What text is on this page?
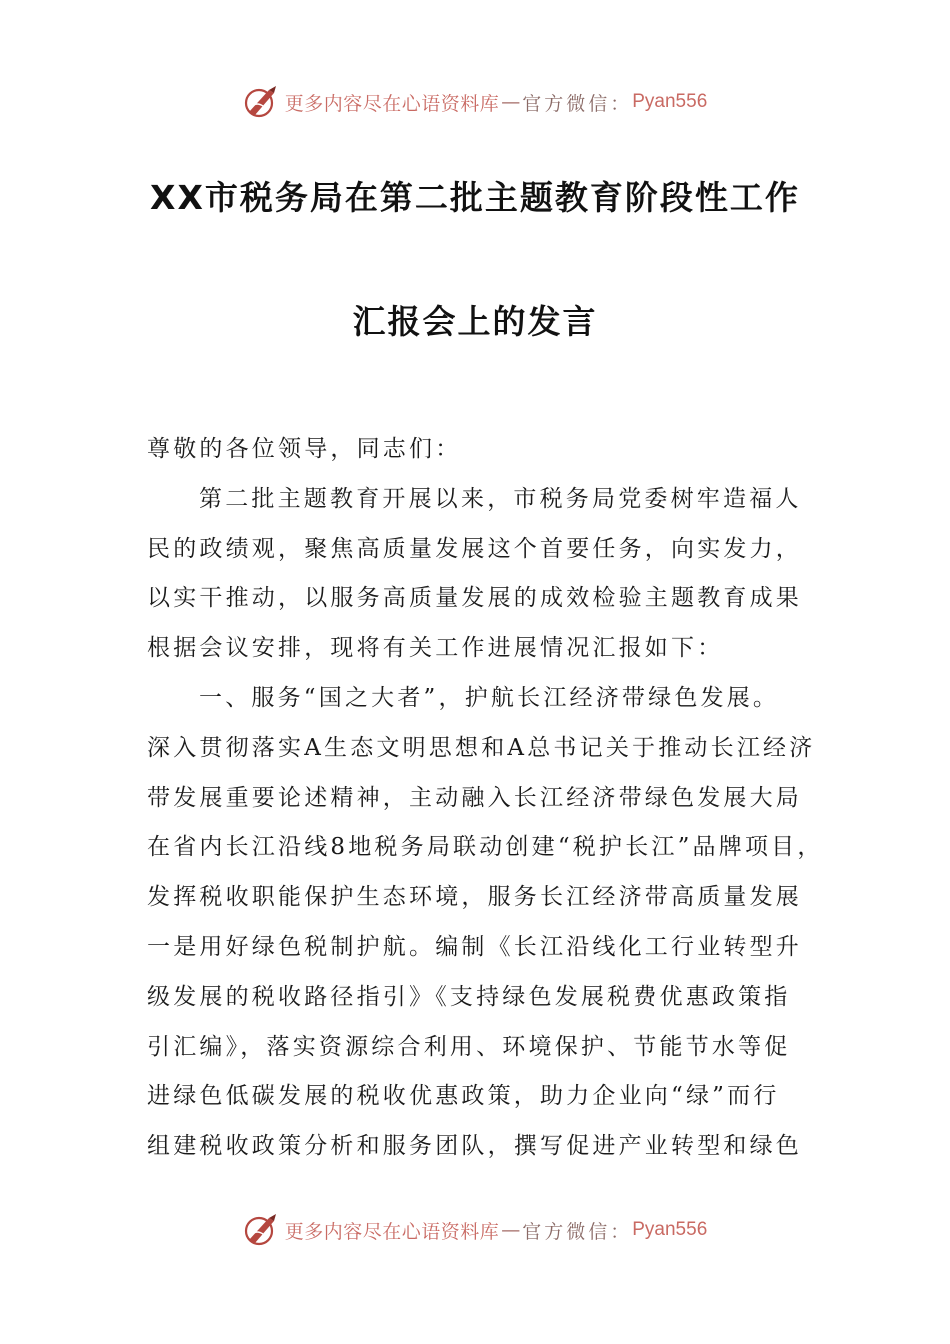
更多内容尽在心语资料库 — 官方微信： Pyan556
XX市税务局在第二批主题教育阶段性工作
汇报会上的发言
尊敬的各位领导，同志们：
第二批主题教育开展以来，市税务局党委树牢造福人
民的政绩观，聚焦高质量发展这个首要任务，向实发力，
以实干推动，以服务高质量发展的成效检验主题教育成果
根据会议安排，现将有关工作进展情况汇报如下：
一、服务“国之大者”，护航长江经济带绿色发展。
深入贯彻落实A生态文明思想和A总书记关于推动长江经济
带发展重要论述精神，主动融入长江经济带绿色发展大局
在省内长江沿线8地税务局联动创建“税护长江”品牌项目，
发挥税收职能保护生态环境，服务长江经济带高质量发展
一是用好绿色税制护航。编制《长江沿线化工行业转型升
级发展的税收路径指引》《支持绿色发展税费优惠政策指
引汇编》，落实资源综合利用、环境保护、节能节水等促
进绿色低碳发展的税收优惠政策，助力企业向“绿”而行
组建税收政策分析和服务团队，撰写促进产业转型和绿色
更多内容尽在心语资料库 — 官方微信： Pyan556
